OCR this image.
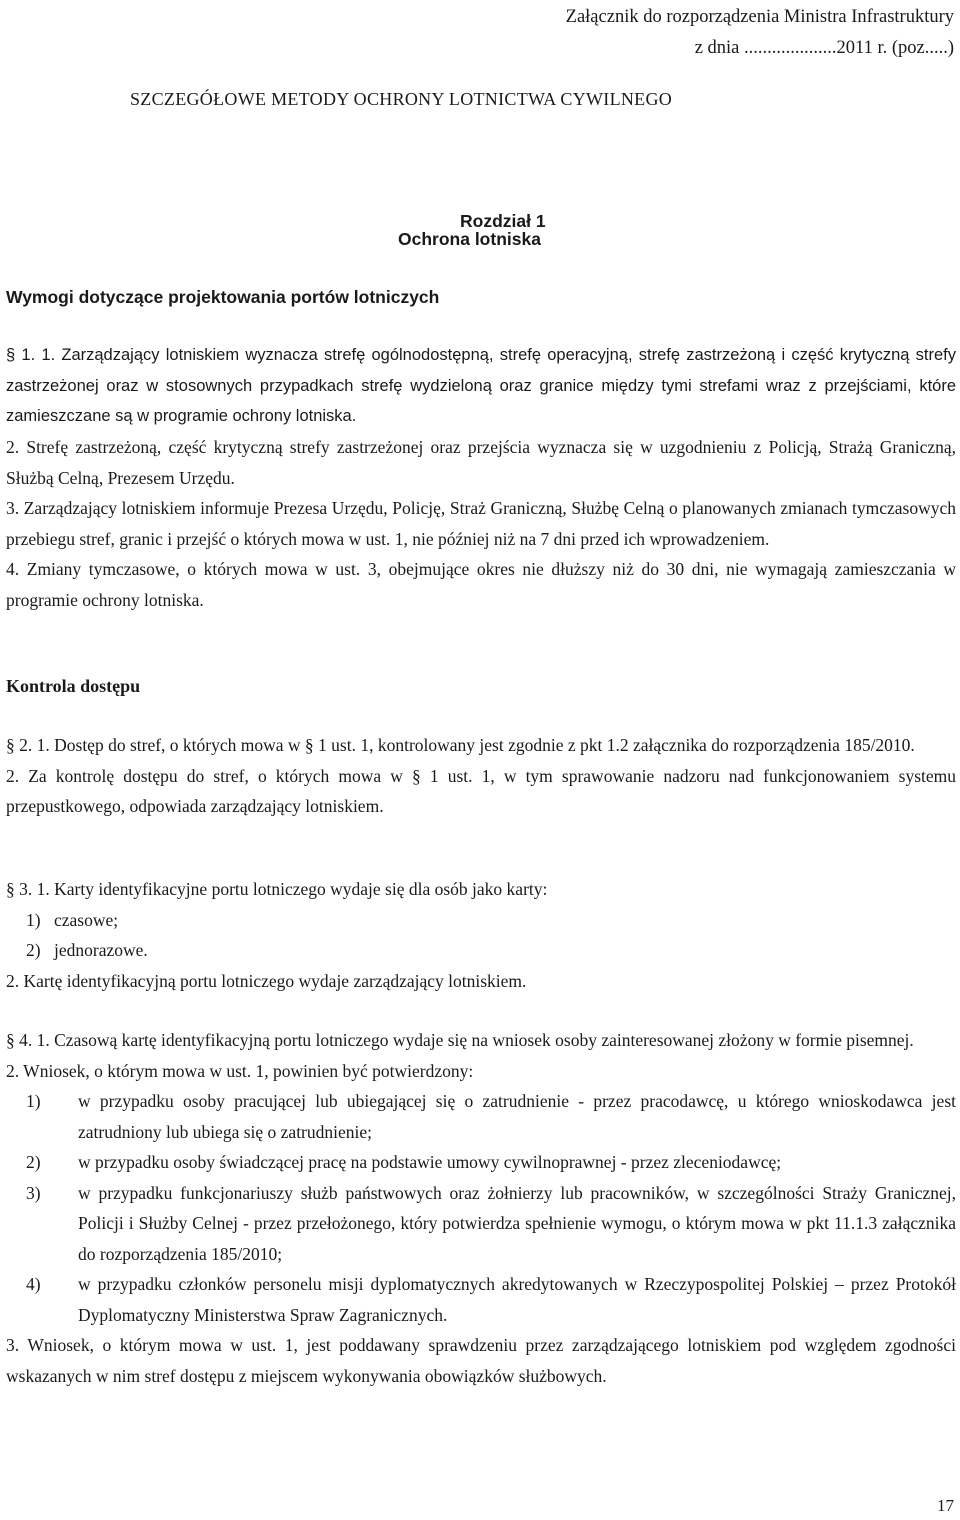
Załącznik do rozporządzenia Ministra Infrastruktury
z dnia ....................2011 r. (poz.....)
SZCZEGÓŁOWE METODY OCHRONY LOTNICTWA CYWILNEGO
Rozdział 1
Ochrona lotniska
Wymogi dotyczące projektowania portów lotniczych

§ 1. 1. Zarządzający lotniskiem wyznacza strefę ogólnodostępną, strefę operacyjną, strefę zastrzeżoną i część krytyczną strefy zastrzeżonej oraz w stosownych przypadkach strefę wydzieloną oraz granice między tymi strefami wraz z przejściami, które zamieszczane są w programie ochrony lotniska.

2. Strefę zastrzeżoną, część krytyczną strefy zastrzeżonej oraz przejścia wyznacza się w uzgodnieniu z Policją, Strażą Graniczną, Służbą Celną, Prezesem Urzędu.

3. Zarządzający lotniskiem informuje Prezesa Urzędu, Policję, Straż Graniczną, Służbę Celną o planowanych zmianach tymczasowych przebiegu stref, granic i przejść o których mowa w ust. 1, nie później niż na 7 dni przed ich wprowadzeniem.

4. Zmiany tymczasowe, o których mowa w ust. 3, obejmujące okres nie dłuższy niż do 30 dni, nie wymagają zamieszczania w programie ochrony lotniska.

Kontrola dostępu

§ 2. 1. Dostęp do stref, o których mowa w § 1 ust. 1, kontrolowany jest zgodnie z pkt 1.2 załącznika do rozporządzenia 185/2010.

2. Za kontrolę dostępu do stref, o których mowa w § 1 ust. 1, w tym sprawowanie nadzoru nad funkcjonowaniem systemu przepustkowego, odpowiada zarządzający lotniskiem.

§ 3. 1. Karty identyfikacyjne portu lotniczego wydaje się dla osób jako karty:

1) czasowe;
2) jednorazowe.

2. Kartę identyfikacyjną portu lotniczego wydaje zarządzający lotniskiem.

§ 4. 1. Czasową kartę identyfikacyjną portu lotniczego wydaje się na wniosek osoby zainteresowanej złożony w formie pisemnej.

2. Wniosek, o którym mowa w ust. 1, powinien być potwierdzony:

1)	w przypadku osoby pracującej lub ubiegającej się o zatrudnienie - przez pracodawcę, u którego wnioskodawca jest zatrudniony lub ubiega się o zatrudnienie;
2)	w przypadku osoby świadczącej pracę na podstawie umowy cywilnoprawnej - przez zleceniodawcę;
3)	w przypadku funkcjonariuszy służb państwowych oraz żołnierzy lub pracowników, w szczególności Straży Granicznej, Policji i Służby Celnej - przez przełożonego, który potwierdza spełnienie wymogu, o którym mowa w pkt 11.1.3 załącznika do rozporządzenia 185/2010;
4)	w przypadku członków personelu misji dyplomatycznych akredytowanych w Rzeczypospolitej Polskiej – przez Protokół Dyplomatyczny Ministerstwa Spraw Zagranicznych.

3. Wniosek, o którym mowa w ust. 1, jest poddawany sprawdzeniu przez zarządzającego lotniskiem pod względem zgodności wskazanych w nim stref dostępu z miejscem wykonywania obowiązków służbowych.

17
